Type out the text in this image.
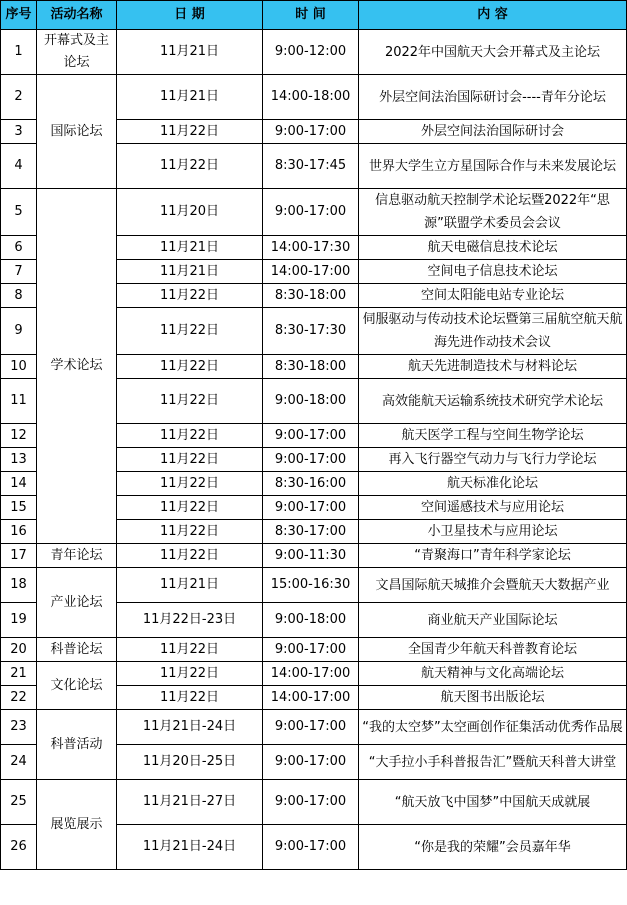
序号	活动名称	日 期	时 间	内 容
1	开幕式及主论坛	11月21日	9:00-12:00	2022年中国航天大会开幕式及主论坛
2	国际论坛	11月21日	14:00-18:00	外层空间法治国际研讨会----青年分论坛
3		11月22日	9:00-17:00	外层空间法治国际研讨会
4		11月22日	8:30-17:45	世界大学生立方星国际合作与未来发展论坛
5	学术论坛	11月20日	9:00-17:00	信息驱动航天控制学术论坛暨2022年“思源”联盟学术委员会会议
6		11月21日	14:00-17:30	航天电磁信息技术论坛
7		11月21日	14:00-17:00	空间电子信息技术论坛
8		11月22日	8:30-18:00	空间太阳能电站专业论坛
9		11月22日	8:30-17:30	伺服驱动与传动技术论坛暨第三届航空航天航海先进作动技术会议
10		11月22日	8:30-18:00	航天先进制造技术与材料论坛
11		11月22日	9:00-18:00	高效能航天运输系统技术研究学术论坛
12		11月22日	9:00-17:00	航天医学工程与空间生物学论坛
13		11月22日	9:00-17:00	再入飞行器空气动力与飞行力学论坛
14		11月22日	8:30-16:00	航天标准化论坛
15		11月22日	9:00-17:00	空间遥感技术与应用论坛
16		11月22日	8:30-17:00	小卫星技术与应用论坛
17	青年论坛	11月22日	9:00-11:30	“青聚海口”青年科学家论坛
18	产业论坛	11月21日	15:00-16:30	文昌国际航天城推介会暨航天大数据产业
19		11月22日-23日	9:00-18:00	商业航天产业国际论坛
20	科普论坛	11月22日	9:00-17:00	全国青少年航天科普教育论坛
21	文化论坛	11月22日	14:00-17:00	航天精神与文化高端论坛
22		11月22日	14:00-17:00	航天图书出版论坛
23	科普活动	11月21日-24日	9:00-17:00	“我的太空梦”太空画创作征集活动优秀作品展
24		11月20日-25日	9:00-17:00	“大手拉小手科普报告汇”暨航天科普大讲堂
25	展览展示	11月21日-27日	9:00-17:00	“航天放飞中国梦”中国航天成就展
26		11月21日-24日	9:00-17:00	“你是我的荣耀”会员嘉年华
